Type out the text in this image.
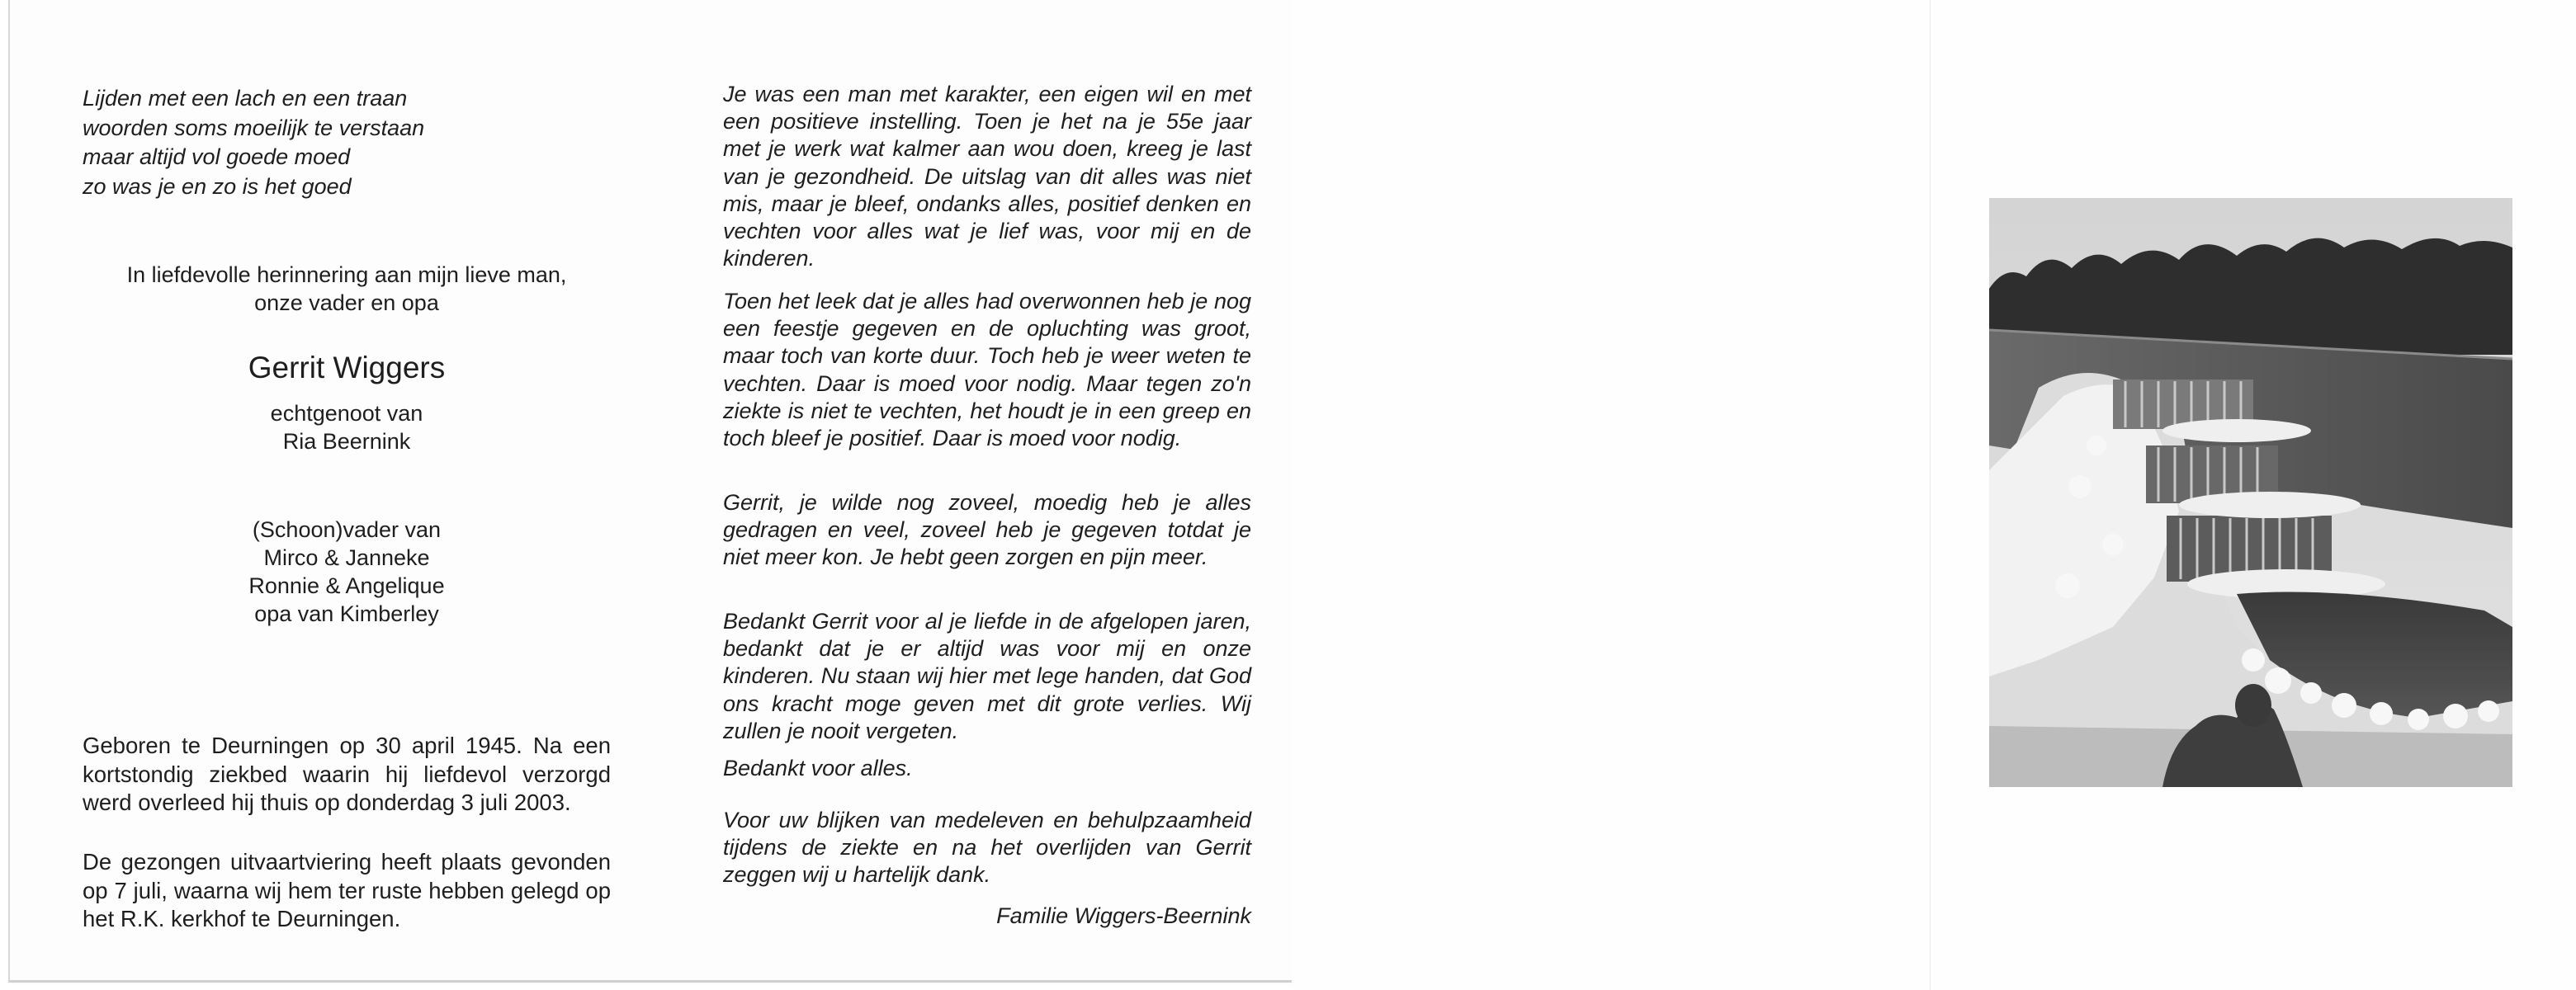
Lijden met een lach en een traan
woorden soms moeilijk te verstaan
maar altijd vol goede moed
zo was je en zo is het goed
In liefdevolle herinnering aan mijn lieve man,
onze vader en opa
Gerrit Wiggers
echtgenoot van
Ria Beernink
(Schoon)vader van
Mirco & Janneke
Ronnie & Angelique
opa van Kimberley
Geboren te Deurningen op 30 april 1945. Na een kortstondig ziekbed waarin hij liefdevol verzorgd werd overleed hij thuis op donderdag 3 juli 2003.
De gezongen uitvaartviering heeft plaats gevonden op 7 juli, waarna wij hem ter ruste hebben gelegd op het R.K. kerkhof te Deurningen.
Je was een man met karakter, een eigen wil en met een positieve instelling. Toen je het na je 55e jaar met je werk wat kalmer aan wou doen, kreeg je last van je gezondheid. De uitslag van dit alles was niet mis, maar je bleef, ondanks alles, positief denken en vechten voor alles wat je lief was, voor mij en de kinderen.
Toen het leek dat je alles had overwonnen heb je nog een feestje gegeven en de opluchting was groot, maar toch van korte duur. Toch heb je weer weten te vechten. Daar is moed voor nodig. Maar tegen zo'n ziekte is niet te vechten, het houdt je in een greep en toch bleef je positief. Daar is moed voor nodig.
Gerrit, je wilde nog zoveel, moedig heb je alles gedragen en veel, zoveel heb je gegeven totdat je niet meer kon. Je hebt geen zorgen en pijn meer.
Bedankt Gerrit voor al je liefde in de afgelopen jaren, bedankt dat je er altijd was voor mij en onze kinderen. Nu staan wij hier met lege handen, dat God ons kracht moge geven met dit grote verlies. Wij zullen je nooit vergeten.
Bedankt voor alles.
Voor uw blijken van medeleven en behulpzaamheid tijdens de ziekte en na het overlijden van Gerrit zeggen wij u hartelijk dank.
Familie Wiggers-Beernink
